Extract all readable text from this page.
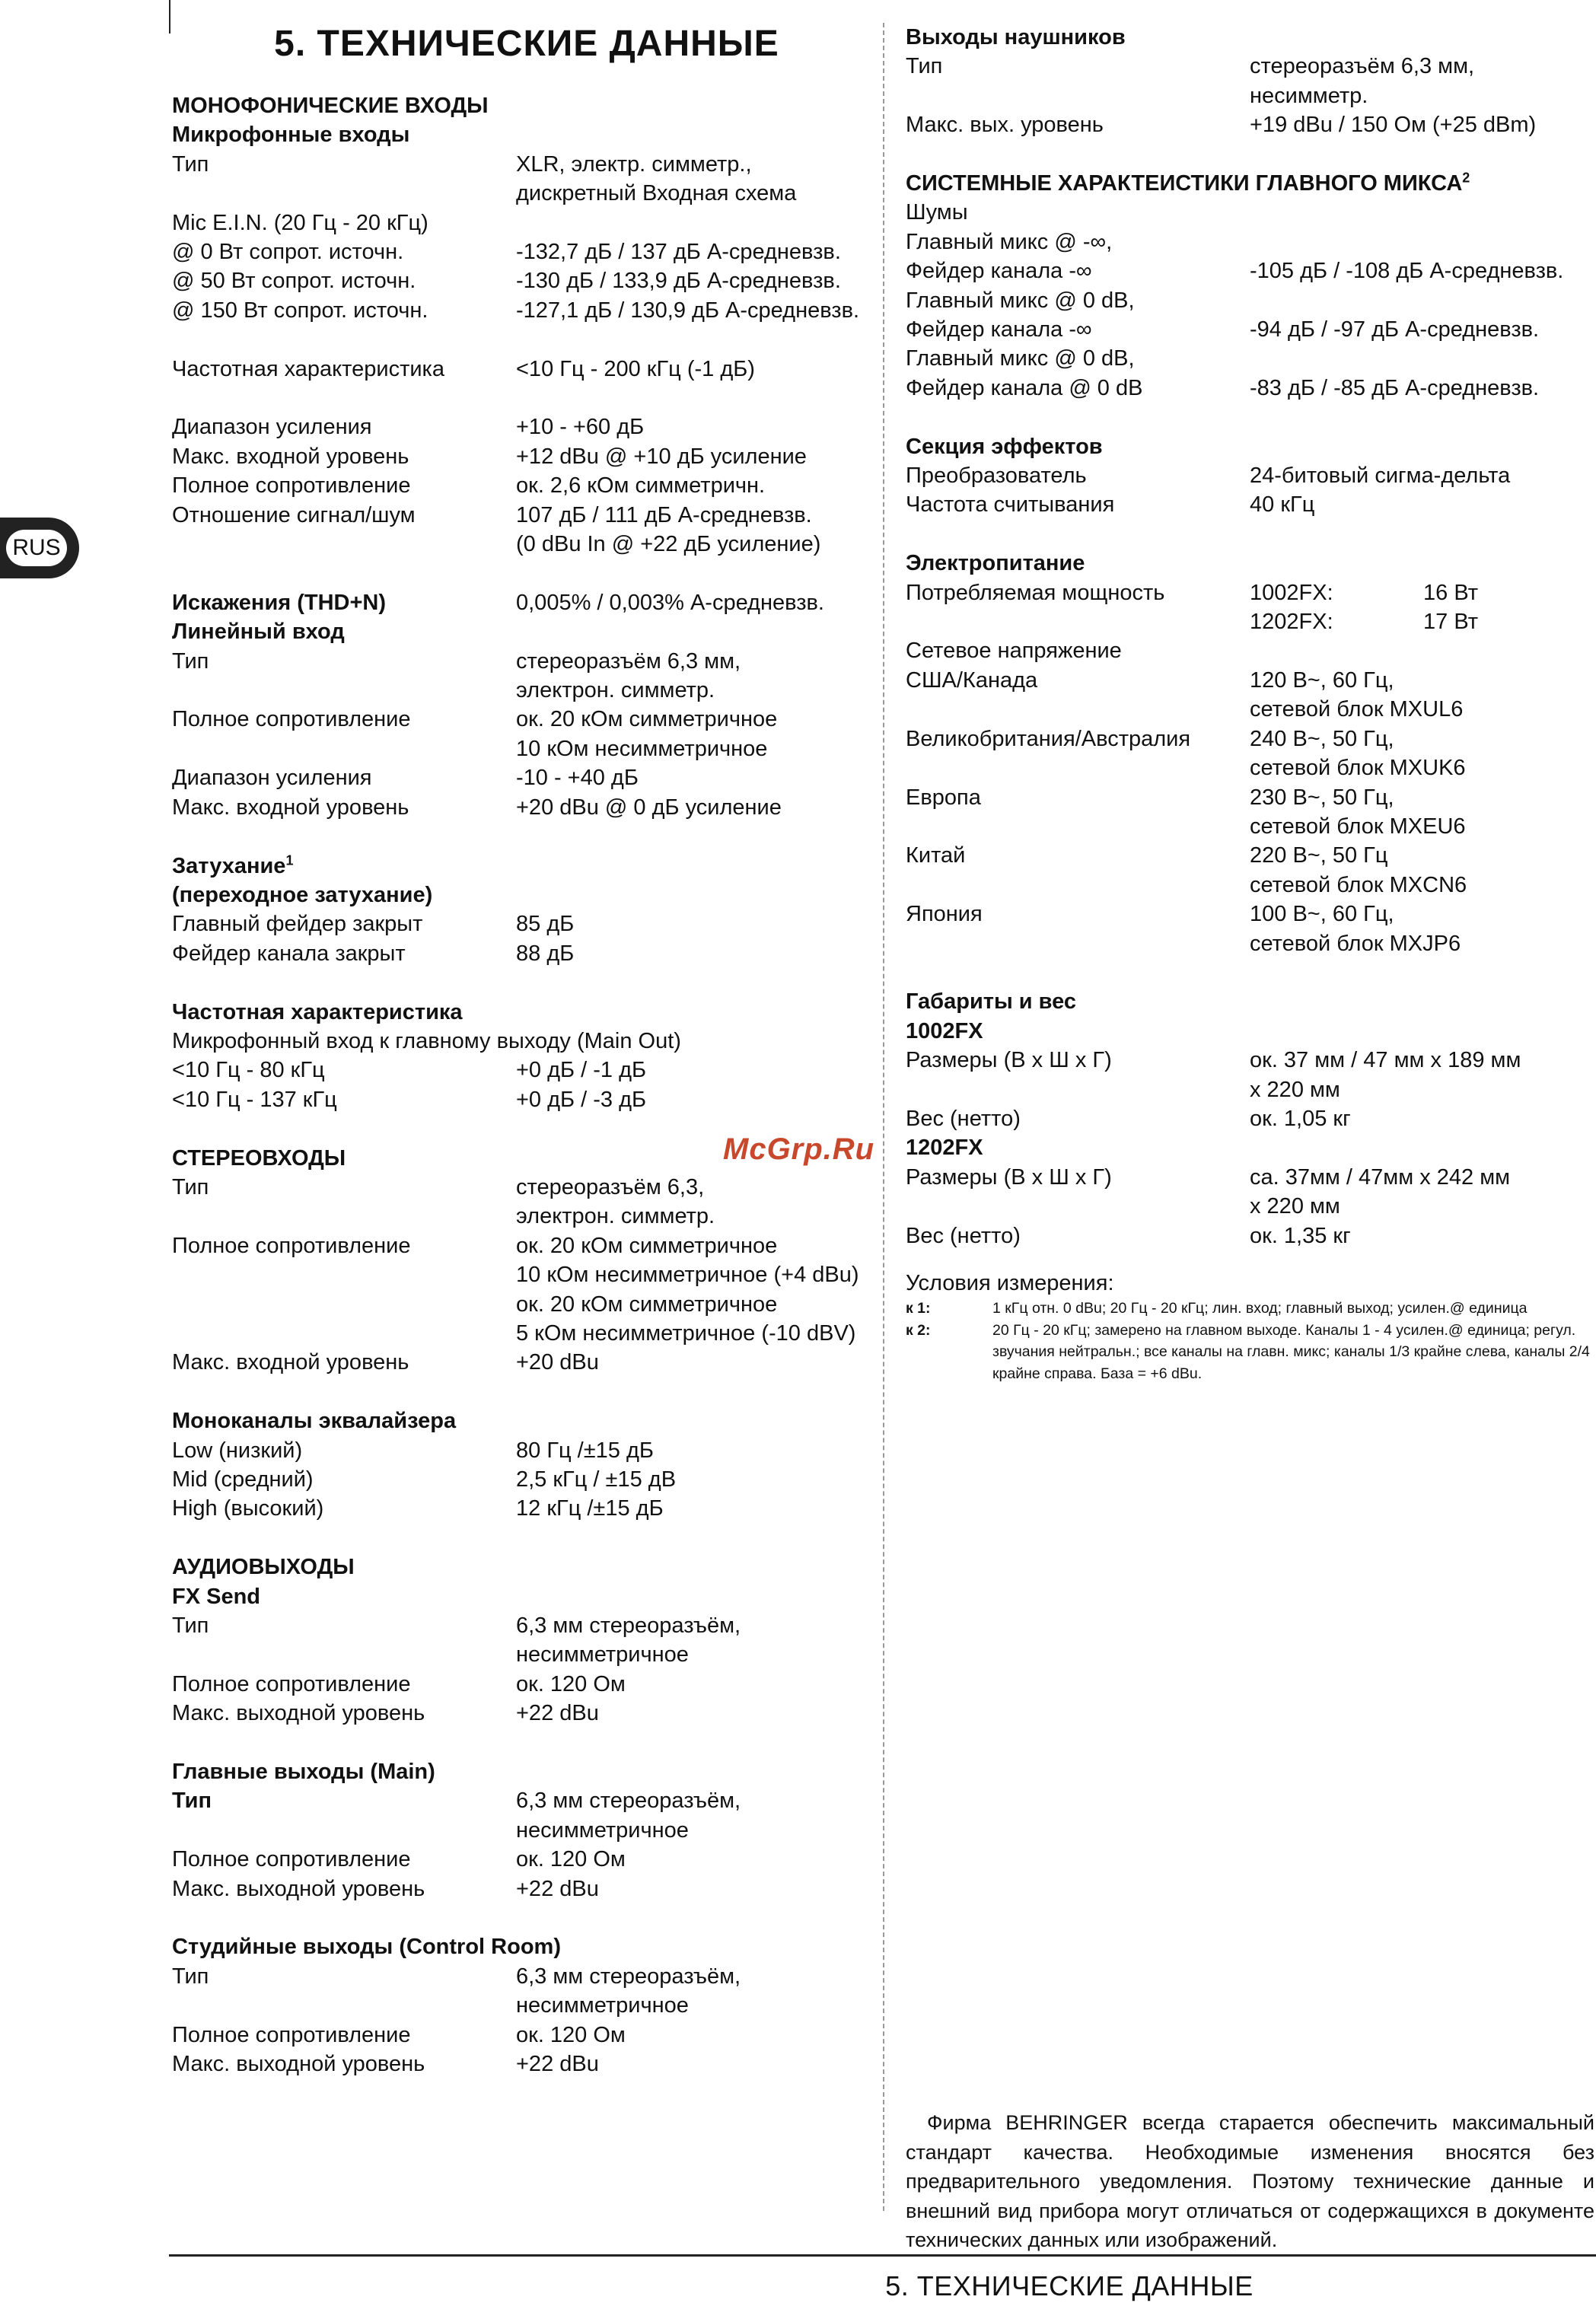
RUS
5. ТЕХНИЧЕСКИЕ ДАННЫЕ
МОНОФОНИЧЕСКИЕ ВХОДЫ
Микрофонные входы
Тип	XLR, электр. симметр.,
дискретный Входная схема
Mic E.I.N. (20 Гц - 20 кГц)
@ 0 Вт сопрот. источн.	-132,7 дБ / 137 дБ А-средневзв.
@ 50 Вт сопрот. источн.	-130 дБ / 133,9 дБ А-средневзв.
@ 150 Вт сопрот. источн.	-127,1 дБ / 130,9 дБ А-средневзв.
Частотная характеристика	<10 Гц - 200 кГц (-1 дБ)
Диапазон усиления	+10 - +60 дБ
Макс. входной уровень	+12 dBu @ +10 дБ усиление
Полное сопротивление	ок. 2,6 кОм симметричн.
Отношение сигнал/шум	107 дБ / 111 дБ А-средневзв.
(0 dBu In @ +22 дБ усиление)
Искажения (THD+N)	0,005% / 0,003% А-средневзв.
Линейный вход
Тип	стереоразъём 6,3 мм,
электрон. симметр.
Полное сопротивление	ок. 20 кОм симметричное
10 кОм несимметричное
Диапазон усиления	-10 - +40 дБ
Макс. входной уровень	+20 dBu @ 0 дБ усиление
Затухание$^1$
(переходное затухание)
Главный фейдер закрыт	85 дБ
Фейдер канала закрыт	88 дБ
Частотная характеристика
Микрофонный вход к главному выходу (Main Out)
<10 Гц - 80 кГц	+0 дБ / -1 дБ
<10 Гц - 137 кГц	+0 дБ / -3 дБ
СТЕРЕОВХОДЫ
Тип	стереоразъём 6,3,
электрон. симметр.
Полное сопротивление	ок. 20 кОм симметричное
10 кОм несимметричное (+4 dBu)
ок. 20 кОм симметричное
5 кОм несимметричное (-10 dBV)
Макс. входной уровень	+20 dBu
Моноканалы эквалайзера
Low (низкий)	80 Гц /±15 дБ
Mid (средний)	2,5 кГц / ±15 дВ
High (высокий)	12 кГц /±15 дБ
АУДИОВЫХОДЫ
FX Send
Тип	6,3 мм стереоразъём,
несимметричное
Полное сопротивление	ок. 120 Ом
Макс. выходной уровень	+22 dBu
Главные выходы (Main)
Тип	6,3 мм стереоразъём,
несимметричное
Полное сопротивление	ок. 120 Ом
Макс. выходной уровень	+22 dBu
Студийные выходы (Control Room)
Тип	6,3 мм стереоразъём,
несимметричное
Полное сопротивление	ок. 120 Ом
Макс. выходной уровень	+22 dBu
McGrp.Ru
Выходы наушников
Тип	стереоразъём 6,3 мм,
несимметр.
Макс. вых. уровень	+19 dBu / 150 Ом (+25 dBm)
СИСТЕМНЫЕ ХАРАКТЕИСТИКИ ГЛАВНОГО МИКСА$^2$
Шумы
Главный микс @ -∞,
Фейдер канала -∞	-105 дБ / -108 дБ А-средневзв.
Главный микс @ 0 dB,
Фейдер канала -∞	-94 дБ / -97 дБ А-средневзв.
Главный микс @ 0 dB,
Фейдер канала @ 0 dB	-83 дБ / -85 дБ А-средневзв.
Секция эффектов
Преобразователь	24-битовый сигма-дельта
Частота считывания	40 кГц
Электропитание
Потребляемая мощность	1002FX:	16 Вт
1202FX:	17 Вт
Сетевое напряжение
США/Канада	120 В~, 60 Гц,
сетевой блок MXUL6
Великобритания/Австралия	240 В~, 50 Гц,
сетевой блок MXUK6
Европа	230 В~, 50 Гц,
сетевой блок MXEU6
Китай	220 В~, 50 Гц
сетевой блок MXCN6
Япония	100 В~, 60 Гц,
сетевой блок MXJP6
Габариты и вес
1002FX
Размеры (В х Ш х Г)	ок. 37 мм / 47 мм х 189 мм
х 220 мм
Вес (нетто)	ок. 1,05 кг
1202FX
Размеры (В х Ш х Г)	са. 37мм / 47мм х 242 мм
х 220 мм
Вес (нетто)	ок. 1,35 кг
Условия измерения:
к 1:	1 кГц отн. 0 dBu; 20 Гц - 20 кГц; лин. вход; главный выход; усилен.@ единица
к 2:	20 Гц - 20 кГц; замерено на главном выходе. Каналы 1 - 4 усилен.@ единица; регул. звучания нейтральн.; все каналы на главн. микс; каналы 1/3 крайне слева, каналы 2/4 крайне справа. База = +6 dBu.
Фирма BEHRINGER всегда старается обеспечить максимальный стандарт качества. Необходимые изменения вносятся без предварительного уведомления. Поэтому технические данные и внешний вид прибора могут отличаться от содержащихся в документе технических данных или изображений.
5. ТЕХНИЧЕСКИЕ ДАННЫЕ
